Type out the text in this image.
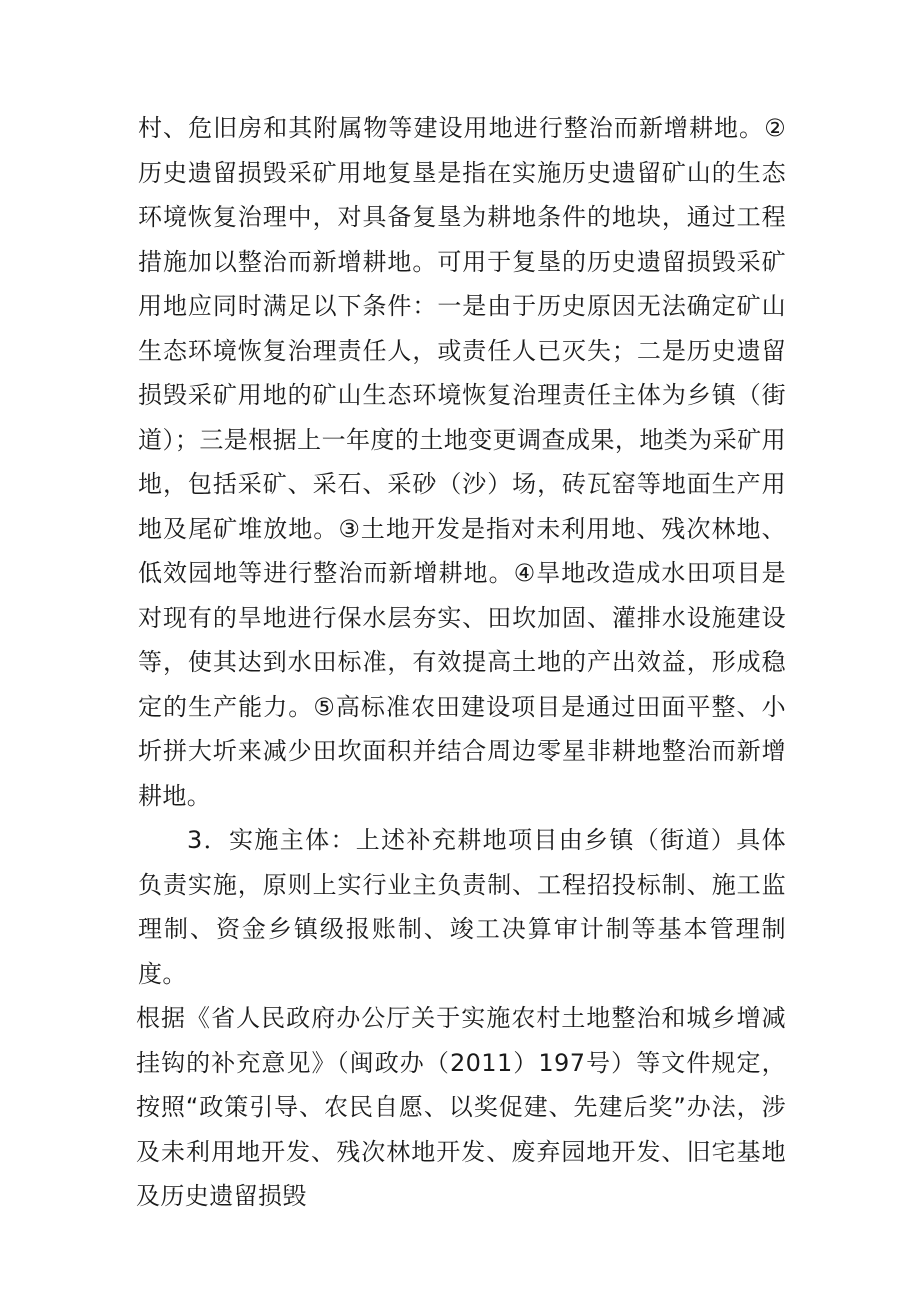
村、危旧房和其附属物等建设用地进行整治而新增耕地。②历史遗留损毁采矿用地复垦是指在实施历史遗留矿山的生态环境恢复治理中，对具备复垦为耕地条件的地块，通过工程措施加以整治而新增耕地。可用于复垦的历史遗留损毁采矿用地应同时满足以下条件：一是由于历史原因无法确定矿山生态环境恢复治理责任人，或责任人已灭失；二是历史遗留损毁采矿用地的矿山生态环境恢复治理责任主体为乡镇（街道）；三是根据上一年度的土地变更调查成果，地类为采矿用地，包括采矿、采石、采砂（沙）场，砖瓦窑等地面生产用地及尾矿堆放地。③土地开发是指对未利用地、残次林地、低效园地等进行整治而新增耕地。④旱地改造成水田项目是对现有的旱地进行保水层夯实、田坎加固、灌排水设施建设等，使其达到水田标准，有效提高土地的产出效益，形成稳定的生产能力。⑤高标准农田建设项目是通过田面平整、小圻拼大圻来减少田坎面积并结合周边零星非耕地整治而新增耕地。

3．实施主体：上述补充耕地项目由乡镇（街道）具体负责实施，原则上实行业主负责制、工程招投标制、施工监理制、资金乡镇级报账制、竣工决算审计制等基本管理制度。

根据《省人民政府办公厅关于实施农村土地整治和城乡增减挂钩的补充意见》（闽政办（2011）197号）等文件规定，按照“政策引导、农民自愿、以奖促建、先建后奖”办法，涉及未利用地开发、残次林地开发、废弃园地开发、旧宅基地及历史遗留损毁
